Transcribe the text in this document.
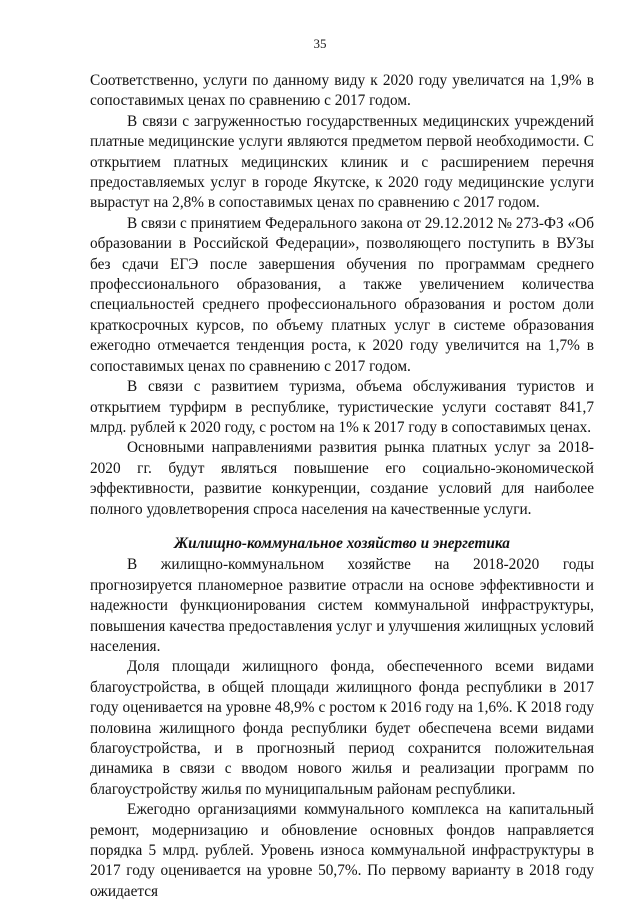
35

Соответственно, услуги по данному виду к 2020 году увеличатся на 1,9% в сопоставимых ценах по сравнению с 2017 годом.

В связи с загруженностью государственных медицинских учреждений платные медицинские услуги являются предметом первой необходимости. С открытием платных медицинских клиник и с расширением перечня предоставляемых услуг в городе Якутске, к 2020 году медицинские услуги вырастут на 2,8% в сопоставимых ценах по сравнению с 2017 годом.

В связи с принятием Федерального закона от 29.12.2012 № 273-ФЗ «Об образовании в Российской Федерации», позволяющего поступить в ВУЗы без сдачи ЕГЭ после завершения обучения по программам среднего профессионального образования, а также увеличением количества специальностей среднего профессионального образования и ростом доли краткосрочных курсов, по объему платных услуг в системе образования ежегодно отмечается тенденция роста, к 2020 году увеличится на 1,7% в сопоставимых ценах по сравнению с 2017 годом.

В связи с развитием туризма, объема обслуживания туристов и открытием турфирм в республике, туристические услуги составят 841,7 млрд. рублей к 2020 году, с ростом на 1% к 2017 году в сопоставимых ценах.

Основными направлениями развития рынка платных услуг за 2018-2020 гг. будут являться повышение его социально-экономической эффективности, развитие конкуренции, создание условий для наиболее полного удовлетворения спроса населения на качественные услуги.

Жилищно-коммунальное хозяйство и энергетика

В жилищно-коммунальном хозяйстве на 2018-2020 годы прогнозируется планомерное развитие отрасли на основе эффективности и надежности функционирования систем коммунальной инфраструктуры, повышения качества предоставления услуг и улучшения жилищных условий населения.

Доля площади жилищного фонда, обеспеченного всеми видами благоустройства, в общей площади жилищного фонда республики в 2017 году оценивается на уровне 48,9% с ростом к 2016 году на 1,6%. К 2018 году половина жилищного фонда республики будет обеспечена всеми видами благоустройства, и в прогнозный период сохранится положительная динамика в связи с вводом нового жилья и реализации программ по благоустройству жилья по муниципальным районам республики.

Ежегодно организациями коммунального комплекса на капитальный ремонт, модернизацию и обновление основных фондов направляется порядка 5 млрд. рублей. Уровень износа коммунальной инфраструктуры в 2017 году оценивается на уровне 50,7%. По первому варианту в 2018 году ожидается
